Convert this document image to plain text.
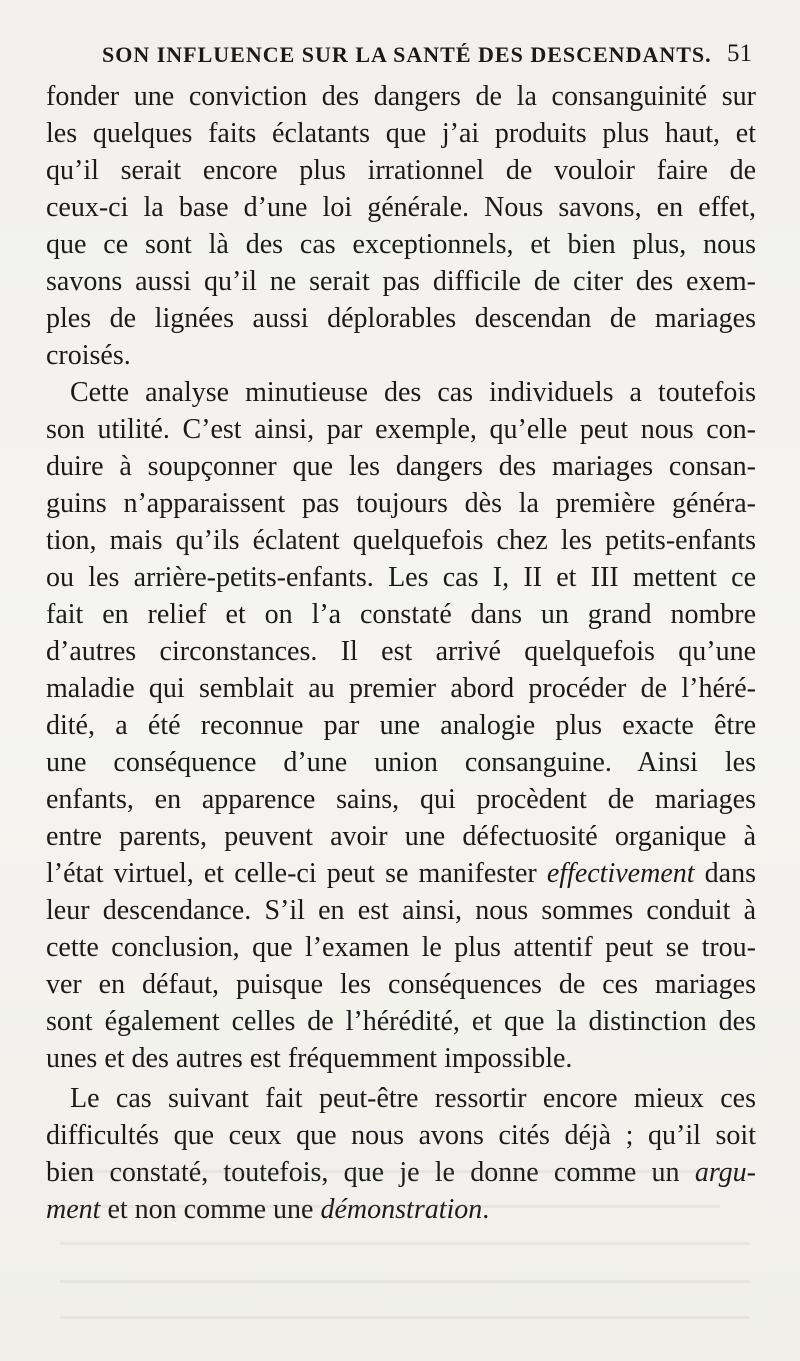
SON INFLUENCE SUR LA SANTÉ DES DESCENDANTS. 51
fonder une conviction des dangers de la consanguinité sur
les quelques faits éclatants que j’ai produits plus haut, et
qu’il serait encore plus irrationnel de vouloir faire de
ceux-ci la base d’une loi générale. Nous savons, en effet,
que ce sont là des cas exceptionnels, et bien plus, nous
savons aussi qu’il ne serait pas difficile de citer des exem-
ples de lignées aussi déplorables descendan de mariages
croisés.
Cette analyse minutieuse des cas individuels a toutefois
son utilité. C’est ainsi, par exemple, qu’elle peut nous con-
duire à soupçonner que les dangers des mariages consan-
guins n’apparaissent pas toujours dès la première généra-
tion, mais qu’ils éclatent quelquefois chez les petits-enfants
ou les arrière-petits-enfants. Les cas I, II et III mettent ce
fait en relief et on l’a constaté dans un grand nombre
d’autres circonstances. Il est arrivé quelquefois qu’une
maladie qui semblait au premier abord procéder de l’héré-
dité, a été reconnue par une analogie plus exacte être
une conséquence d’une union consanguine. Ainsi les
enfants, en apparence sains, qui procèdent de mariages
entre parents, peuvent avoir une défectuosité organique à
l’état virtuel, et celle-ci peut se manifester effectivement dans
leur descendance. S’il en est ainsi, nous sommes conduit à
cette conclusion, que l’examen le plus attentif peut se trou-
ver en défaut, puisque les conséquences de ces mariages
sont également celles de l’hérédité, et que la distinction des
unes et des autres est fréquemment impossible.
Le cas suivant fait peut-être ressortir encore mieux ces
difficultés que ceux que nous avons cités déjà ; qu’il soit
bien constaté, toutefois, que je le donne comme un argu-
ment et non comme une démonstration.
